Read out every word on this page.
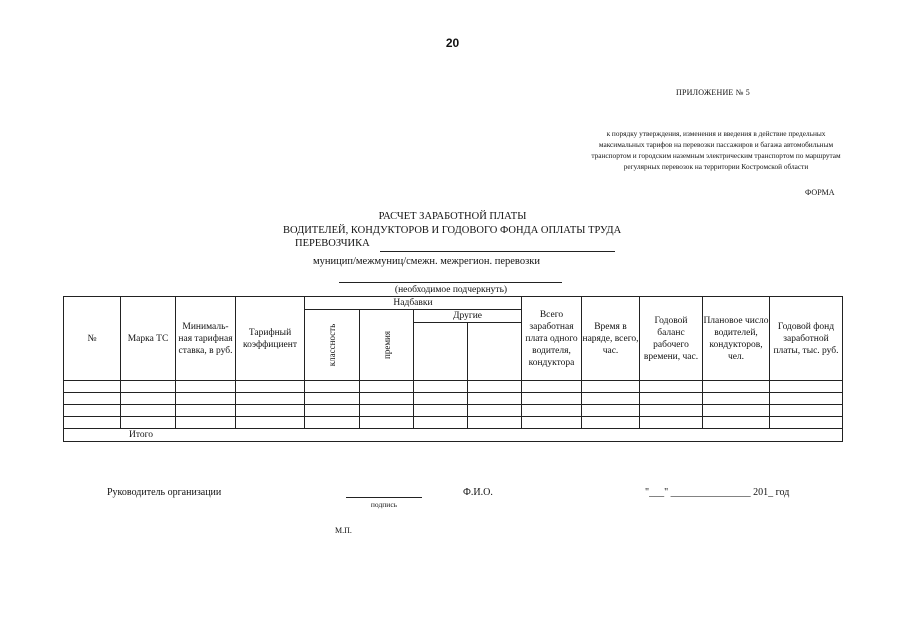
20
ПРИЛОЖЕНИЕ № 5
к порядку утверждения, изменения и введения в действие предельных максимальных тарифов на перевозки пассажиров и багажа автомобильным транспортом и городским наземным электрическим транспортом по маршрутам регулярных перевозок на территории Костромской области
ФОРМА
РАСЧЕТ ЗАРАБОТНОЙ ПЛАТЫ
ВОДИТЕЛЕЙ, КОНДУКТОРОВ И ГОДОВОГО ФОНДА ОПЛАТЫ ТРУДА
ПЕРЕВОЗЧИКА
муницип/межмуниц/смежн. межрегион. перевозки
(необходимое подчеркнуть)
№	Марка ТС	Минималь-ная тарифная ставка, в руб.	Тарифный коэффициент	Надбавки				Всего заработная плата одного водителя, кондуктора	Время в наряде, всего, час.	Годовой баланс рабочего времени, час.	Плановое число водителей, кондукторов, чел.	Годовой фонд заработной платы, тыс. руб.
				классность	премия	Другие						

Итого												
Руководитель организации
подпись
Ф.И.О.	"___" ________________ 201_ год
М.П.
